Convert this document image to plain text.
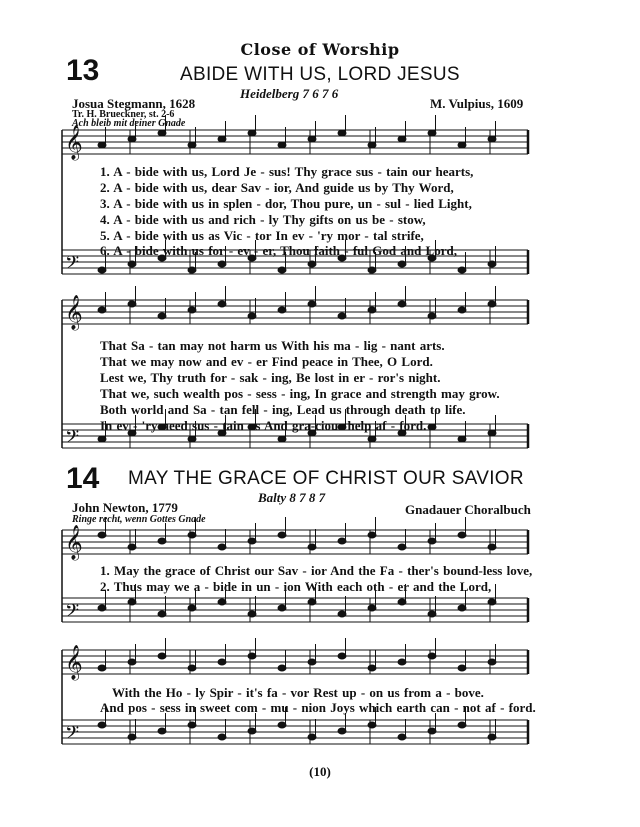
Close of Worship
13	ABIDE WITH US, LORD JESUS
Heidelberg 7 6 7 6
Josua Stegmann, 1628
Tr. H. Brueckner, st. 2-6
Ach bleib mit deiner Gnade
M. Vulpius, 1609
𝄞
𝄢
𝄞
𝄢
𝄞
𝄢
𝄞
𝄢
1. A - bide with us, Lord Je - sus! Thy grace sus - tain our hearts,
2. A - bide with us, dear Sav - ior, And guide us by Thy Word,
3. A - bide with us in splen - dor, Thou pure, un - sul - lied Light,
4. A - bide with us and rich - ly Thy gifts on us be - stow,
5. A - bide with us as Vic - tor In ev - 'ry mor - tal strife,
6. A - bide with us for - ev - er, Thou faith - ful God and Lord,
That Sa - tan may not harm us With his ma - lig - nant arts.
That we may now and ev - er Find peace in Thee, O Lord.
Lest we, Thy truth for - sak - ing, Be lost in er - ror's night.
That we, such wealth pos - sess - ing, In grace and strength may grow.
Both world and Sa - tan fell - ing, Lead us through death to life.
In ev - 'ry need sus - tain us And gra-cious help af - ford.
14 MAY THE GRACE OF CHRIST OUR SAVIOR
Balty 8 7 8 7
John Newton, 1779
Ringe recht, wenn Gottes Gnade
Gnadauer Choralbuch
1. May the grace of Christ our Sav - ior And the Fa - ther's bound-less love,
2. Thus may we a - bide in un - ion With each oth - er and the Lord,
With the Ho - ly Spir - it's fa - vor Rest up - on us from a - bove.
And pos - sess in sweet com - mu - nion Joys which earth can - not af - ford.
(10)
